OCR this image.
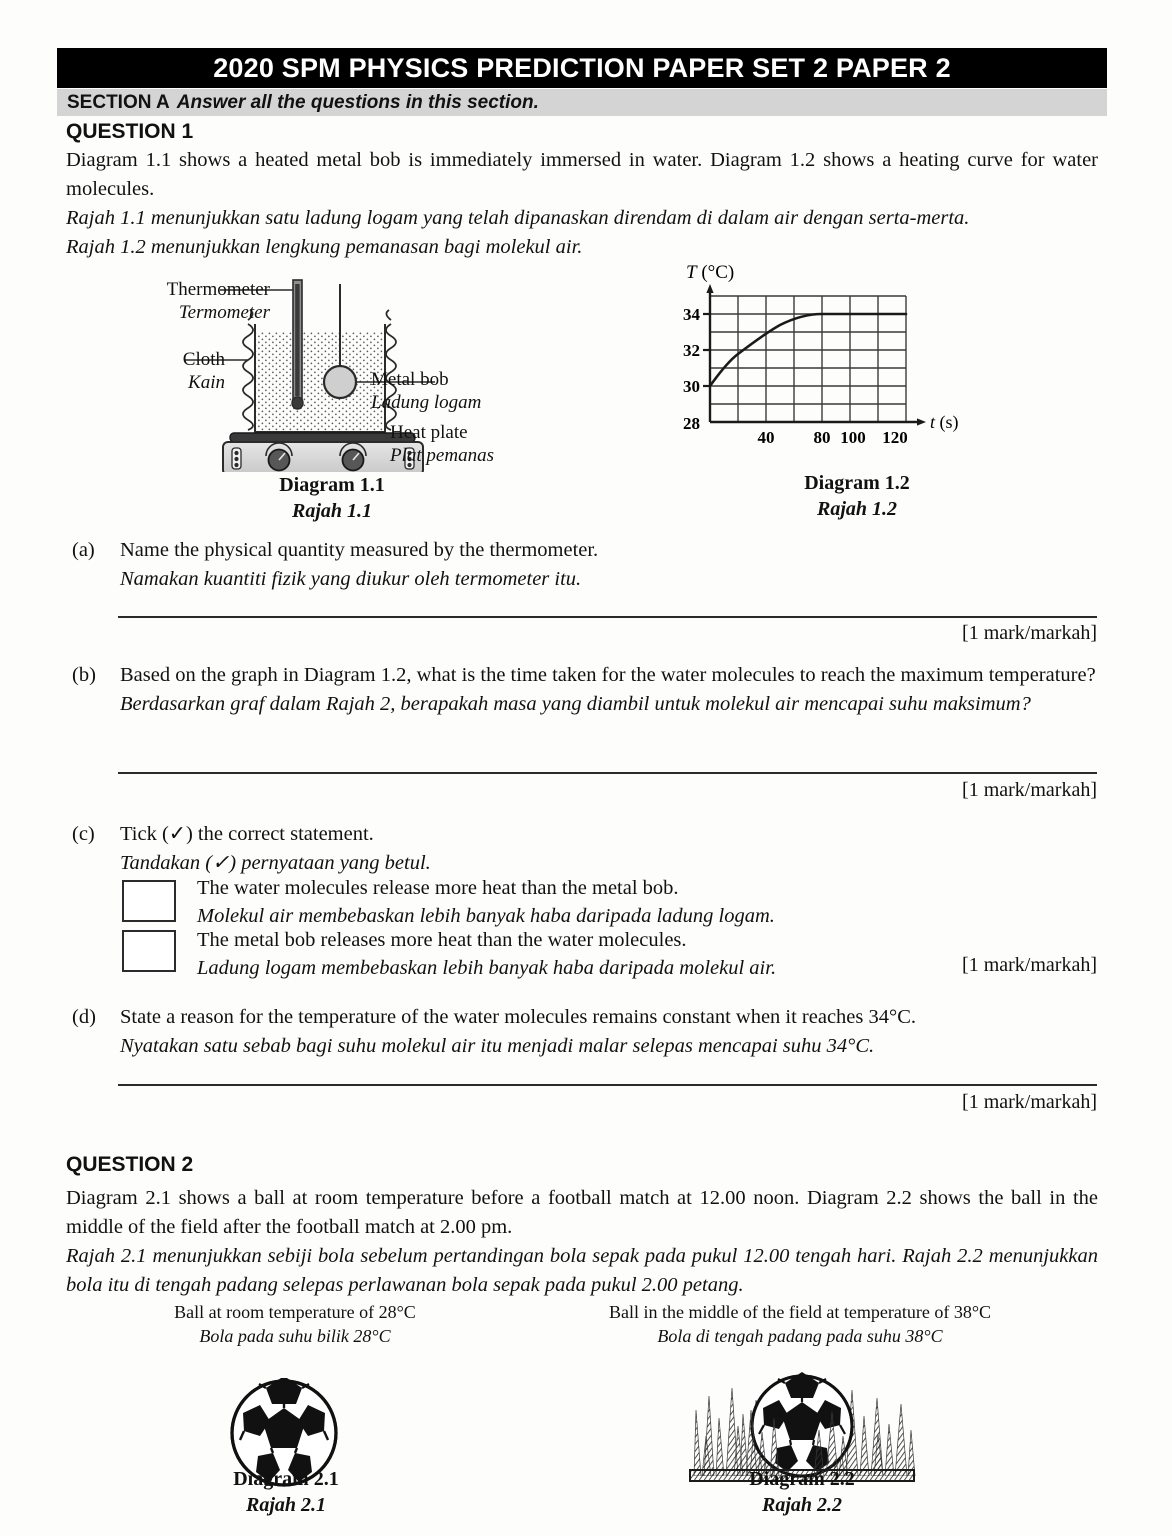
2020 SPM PHYSICS PREDICTION PAPER SET 2 PAPER 2
SECTION A Answer all the questions in this section.
QUESTION 1
Diagram 1.1 shows a heated metal bob is immediately immersed in water. Diagram 1.2 shows a heating curve for water molecules.
Rajah 1.1 menunjukkan satu ladung logam yang telah dipanaskan direndam di dalam air dengan serta-merta.
Rajah 1.2 menunjukkan lengkung pemanasan bagi molekul air.
Thermometer
Termometer
Cloth
Kain	Metal bob
Ladung logam
Heat plate
Plat pemanas
Diagram 1.1
Rajah 1.1
T (°C)
34
32
30
28
40 80 100 120
t (s)
Diagram 1.2
Rajah 1.2
(a)	Name the physical quantity measured by the thermometer.
Namakan kuantiti fizik yang diukur oleh termometer itu.
[1 mark/markah]
(b)	Based on the graph in Diagram 1.2, what is the time taken for the water molecules to reach the maximum temperature?
Berdasarkan graf dalam Rajah 2, berapakah masa yang diambil untuk molekul air mencapai suhu maksimum?
[1 mark/markah]
(c)	Tick (✓) the correct statement.
Tandakan (✓) pernyataan yang betul.
The water molecules release more heat than the metal bob.
Molekul air membebaskan lebih banyak haba daripada ladung logam.
The metal bob releases more heat than the water molecules.
Ladung logam membebaskan lebih banyak haba daripada molekul air.	[1 mark/markah]
(d)	State a reason for the temperature of the water molecules remains constant when it reaches 34°C.
Nyatakan satu sebab bagi suhu molekul air itu menjadi malar selepas mencapai suhu 34°C.
[1 mark/markah]
QUESTION 2
Diagram 2.1 shows a ball at room temperature before a football match at 12.00 noon. Diagram 2.2 shows the ball in the middle of the field after the football match at 2.00 pm.
Rajah 2.1 menunjukkan sebiji bola sebelum pertandingan bola sepak pada pukul 12.00 tengah hari. Rajah 2.2 menunjukkan bola itu di tengah padang selepas perlawanan bola sepak pada pukul 2.00 petang.
Ball at room temperature of 28°C
Bola pada suhu bilik 28°C
Diagram 2.1
Rajah 2.1
Ball in the middle of the field at temperature of 38°C
Bola di tengah padang pada suhu 38°C
Diagram 2.2
Rajah 2.2
